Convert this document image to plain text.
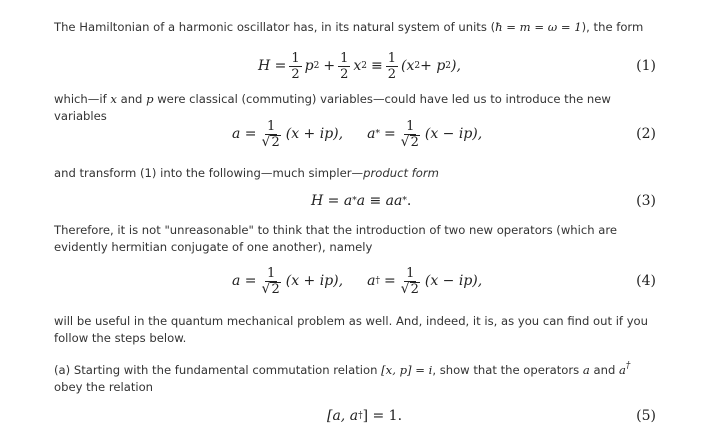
The Hamiltonian of a harmonic oscillator has, in its natural system of units (ħ = m = ω = 1), the form
$H = \frac{1}{2}$ p $2 + \frac{1}{2}$ x $2 \equiv \frac{1}{2} (x$ 2 + p 2 ),	(1)
which—if x and p were classical (commuting) variables—could have led us to introduce the new variables
$a = \frac{1}{√ 2} (x + ip)$, a * = $\frac{1}{√ 2} (x - ip)$,	(2)
and transform (1) into the following—much simpler—product form
H = a * a ≡ aa * .	(3)
Therefore, it is not "unreasonable" to think that the introduction of two new operators (which are evidently hermitian conjugate of one another), namely
$a = \frac{1}{√ 2} (x + ip)$, a † = $\frac{1}{√ 2} (x - ip)$,	(4)
will be useful in the quantum mechanical problem as well. And, indeed, it is, as you can find out if you follow the steps below.
(a) Starting with the fundamental commutation relation [x, p] = i, show that the operators a and a† obey the relation
[a, a † ] = 1.	(5)
